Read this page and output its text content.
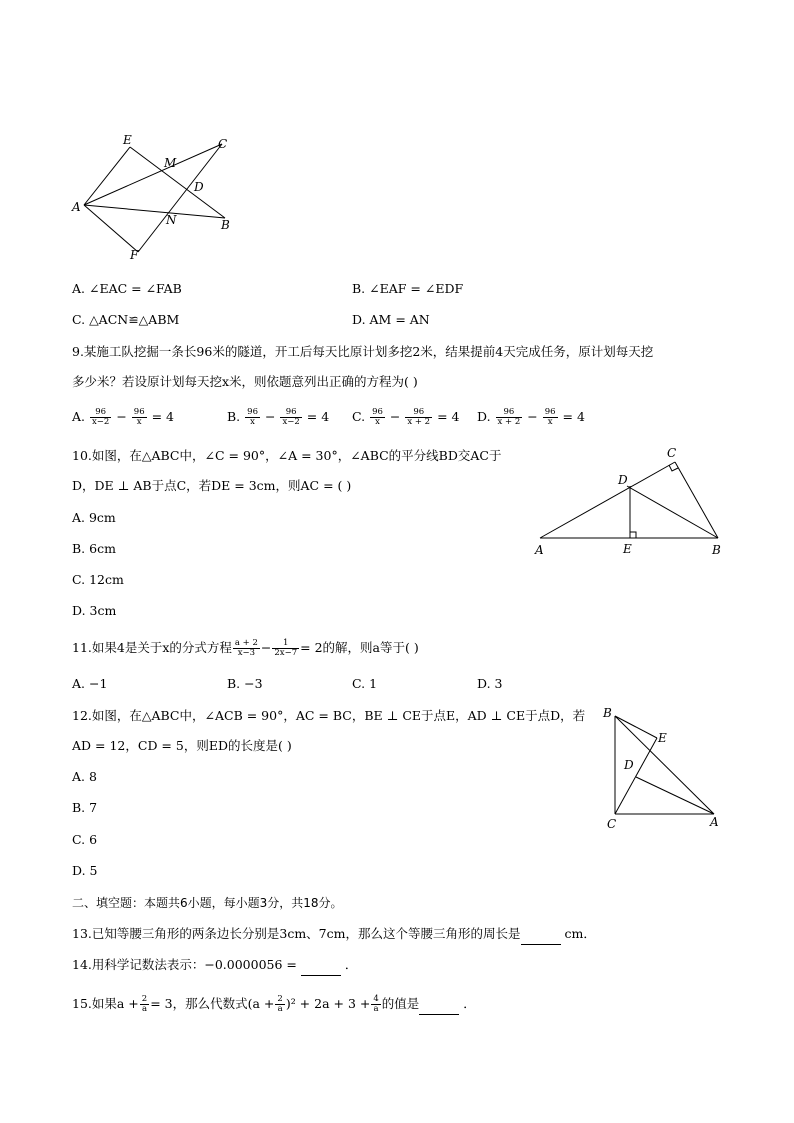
E	C
M
D
A
N	B
F
A. ∠EAC = ∠FAB	B. ∠EAF = ∠EDF
C. △ACN≌△ABM	D. AM = AN
9.某施工队挖掘一条长96米的隧道，开工后每天比原计划多挖2米，结果提前4天完成任务，原计划每天挖
多少米？若设原计划每天挖x米，则依题意列出正确的方程为( )
A. $\frac{96}{x-2} - \frac{96}{x} = 4$	B. $\frac{96}{x} - \frac{96}{x-2} = 4$ C. $\frac{96}{x} - \frac{96}{x + 2} = 4$ D. $\frac{96}{x + 2} - \frac{96}{x} = 4$
10.如图，在△ABC中，∠C = 90°，∠A = 30°，∠ABC的平分线BD交AC于
D，DE ⊥ AB于点C，若DE = 3cm，则AC = ( )
A. 9cm
B. 6cm
C. 12cm
D. 3cm
C
D
A	E	B
11.如果4是关于x的分式方程 $\frac{a + 2}{x-3} - \frac{1}{2x-7} = 2$的解，则a等于( )
A. −1	B. −3	C. 1	D. 3
12.如图，在△ABC中，∠ACB = 90°，AC = BC，BE ⊥ CE于点E，AD ⊥ CE于点D，若
AD = 12，CD = 5，则ED的长度是( )
A. 8
B. 7
C. 6
D. 5
B
E
D
C	A
二、填空题：本题共6小题，每小题3分，共18分。
13.已知等腰三角形的两条边长分别是3cm、7cm，那么这个等腰三角形的周长是	cm．
14.用科学记数法表示：−0.0000056 =	．
15.如果$a + \frac{2}{a} = 3$，那么代数式$(a + \frac{2}{a} )^2 + 2a + 3 + \frac{4}{a}$ 的值是	．
